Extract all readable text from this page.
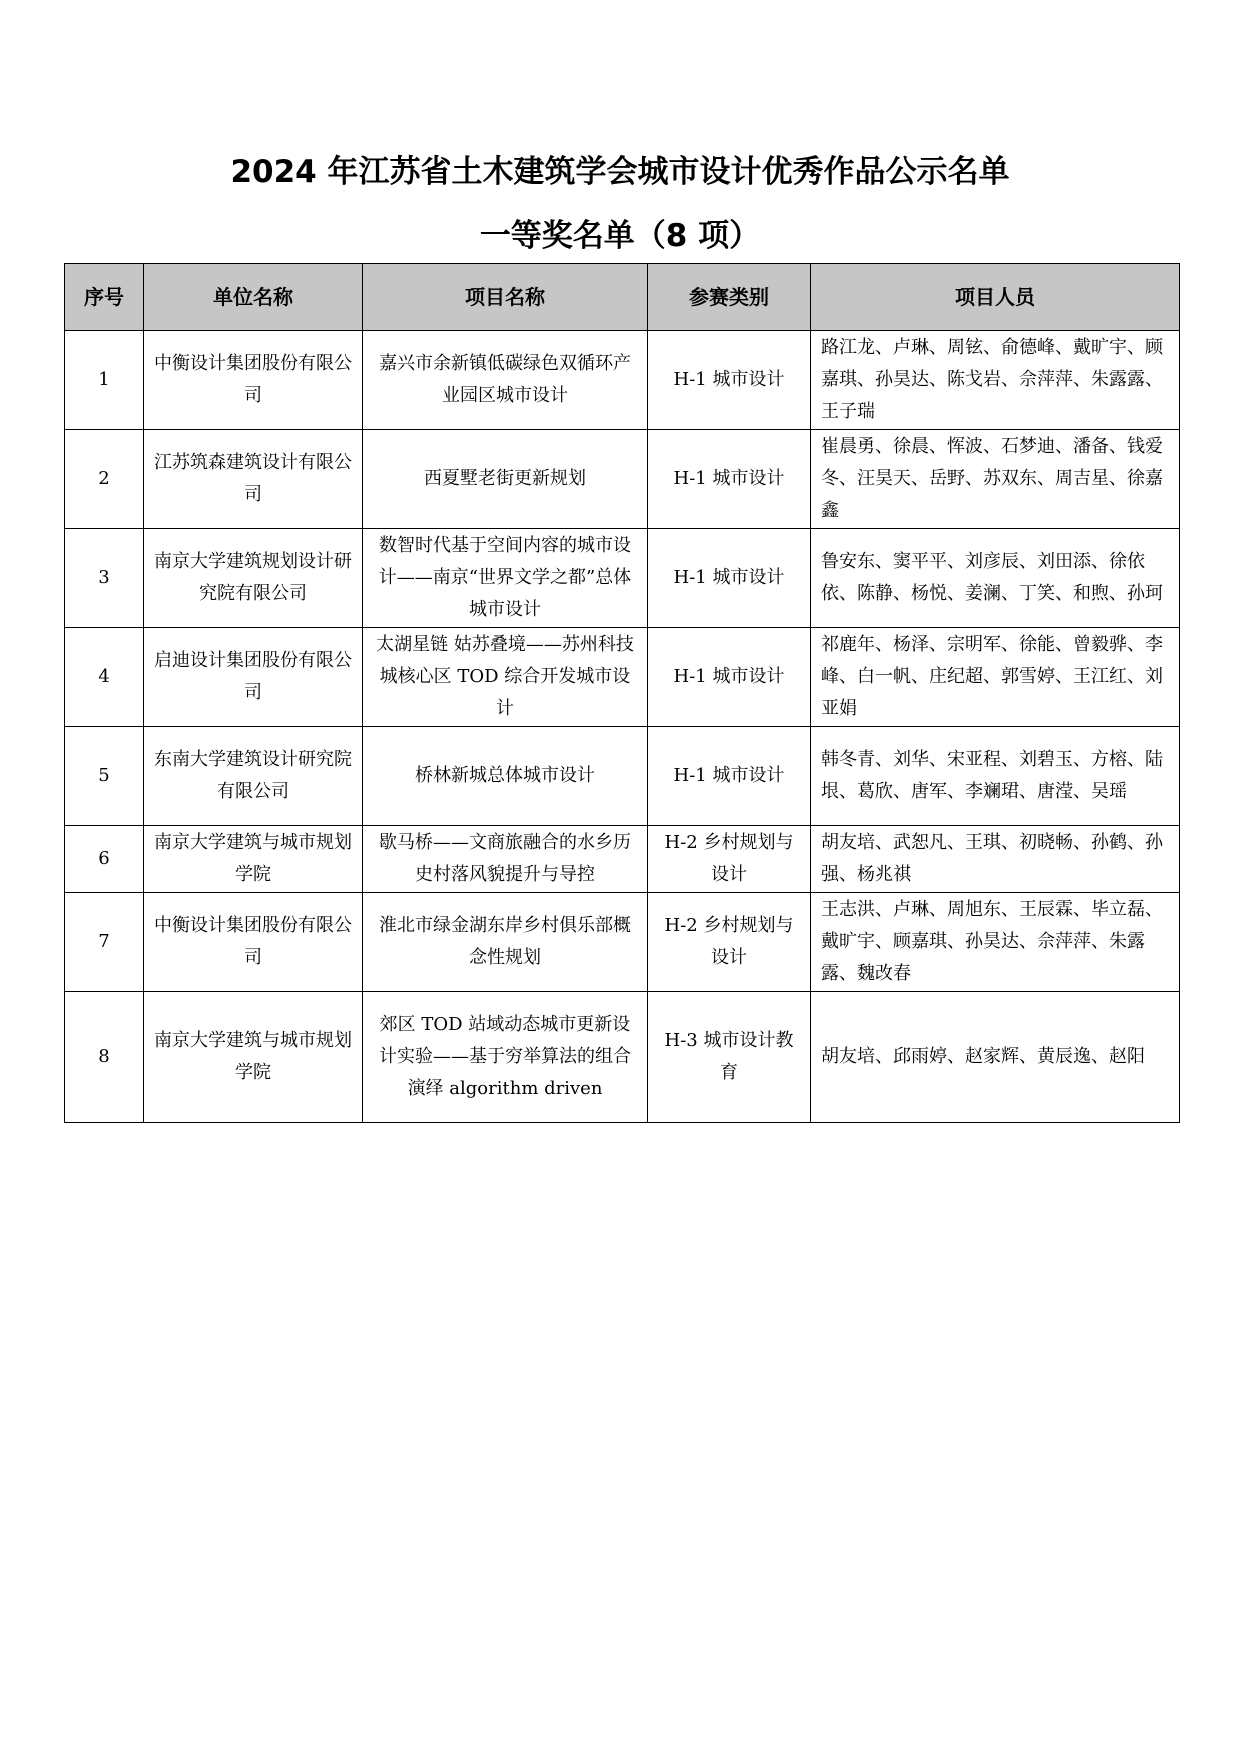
2024 年江苏省土木建筑学会城市设计优秀作品公示名单
一等奖名单（8 项）
序号	单位名称	项目名称	参赛类别	项目人员
1	中衡设计集团股份有限公司	嘉兴市余新镇低碳绿色双循环产业园区城市设计	H-1 城市设计	路江龙、卢琳、周铉、俞德峰、戴旷宇、顾嘉琪、孙昊达、陈戈岩、佘萍萍、朱露露、王子瑞
2	江苏筑森建筑设计有限公司	西夏墅老街更新规划	H-1 城市设计	崔晨勇、徐晨、恽波、石梦迪、潘备、钱爱冬、汪昊天、岳野、苏双东、周吉星、徐嘉鑫
3	南京大学建筑规划设计研究院有限公司	数智时代基于空间内容的城市设计——南京“世界文学之都”总体城市设计	H-1 城市设计	鲁安东、窦平平、刘彦辰、刘田添、徐依依、陈静、杨悦、姜澜、丁笑、和煦、孙珂
4	启迪设计集团股份有限公司	太湖星链 姑苏叠境——苏州科技城核心区 TOD 综合开发城市设计	H-1 城市设计	祁鹿年、杨泽、宗明军、徐能、曾毅骅、李峰、白一帆、庄纪超、郭雪婷、王江红、刘亚娟
5	东南大学建筑设计研究院有限公司	桥林新城总体城市设计	H-1 城市设计	韩冬青、刘华、宋亚程、刘碧玉、方榕、陆垠、葛欣、唐军、李斓珺、唐滢、吴瑶
6	南京大学建筑与城市规划学院	歇马桥——文商旅融合的水乡历史村落风貌提升与导控	H-2 乡村规划与设计	胡友培、武恕凡、王琪、初晓畅、孙鹤、孙强、杨兆祺
7	中衡设计集团股份有限公司	淮北市绿金湖东岸乡村俱乐部概念性规划	H-2 乡村规划与设计	王志洪、卢琳、周旭东、王辰霖、毕立磊、戴旷宇、顾嘉琪、孙昊达、佘萍萍、朱露露、魏改春
8	南京大学建筑与城市规划学院	郊区 TOD 站域动态城市更新设计实验——基于穷举算法的组合演绎 algorithm driven	H-3 城市设计教育	胡友培、邱雨婷、赵家辉、黄辰逸、赵阳
